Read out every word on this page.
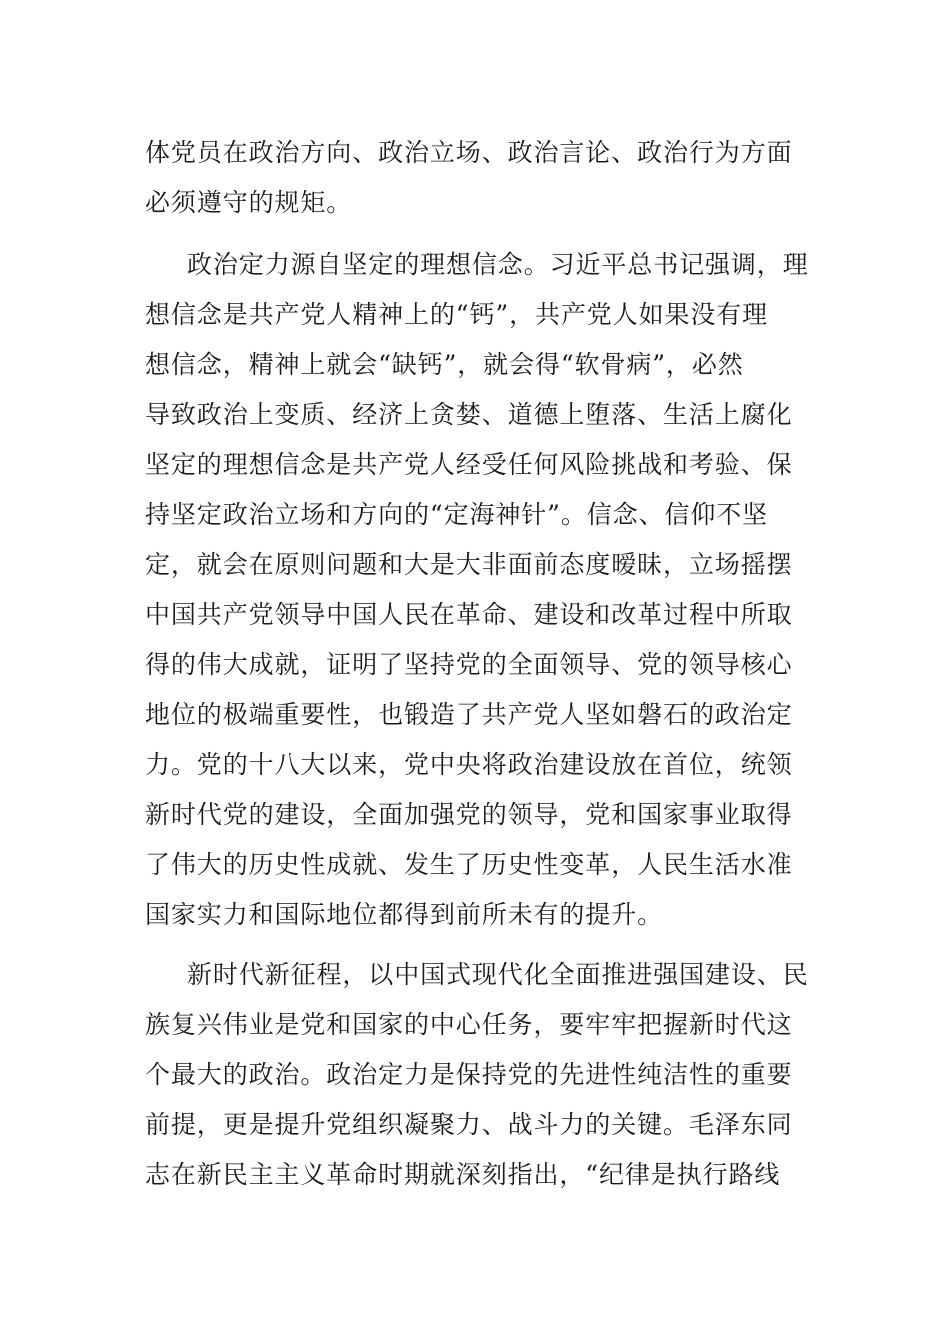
体党员在政治方向、政治立场、政治言论、政治行为方面
必须遵守的规矩。
政治定力源自坚定的理想信念。习近平总书记强调，理
想信念是共产党人精神上的“钙”，共产党人如果没有理
想信念，精神上就会“缺钙”，就会得“软骨病”，必然
导致政治上变质、经济上贪婪、道德上堕落、生活上腐化
坚定的理想信念是共产党人经受任何风险挑战和考验、保
持坚定政治立场和方向的“定海神针”。信念、信仰不坚
定，就会在原则问题和大是大非面前态度暧昧，立场摇摆
中国共产党领导中国人民在革命、建设和改革过程中所取
得的伟大成就，证明了坚持党的全面领导、党的领导核心
地位的极端重要性，也锻造了共产党人坚如磐石的政治定
力。党的十八大以来，党中央将政治建设放在首位，统领
新时代党的建设，全面加强党的领导，党和国家事业取得
了伟大的历史性成就、发生了历史性变革，人民生活水准
国家实力和国际地位都得到前所未有的提升。
新时代新征程，以中国式现代化全面推进强国建设、民
族复兴伟业是党和国家的中心任务，要牢牢把握新时代这
个最大的政治。政治定力是保持党的先进性纯洁性的重要
前提，更是提升党组织凝聚力、战斗力的关键。毛泽东同
志在新民主主义革命时期就深刻指出，“纪律是执行路线
